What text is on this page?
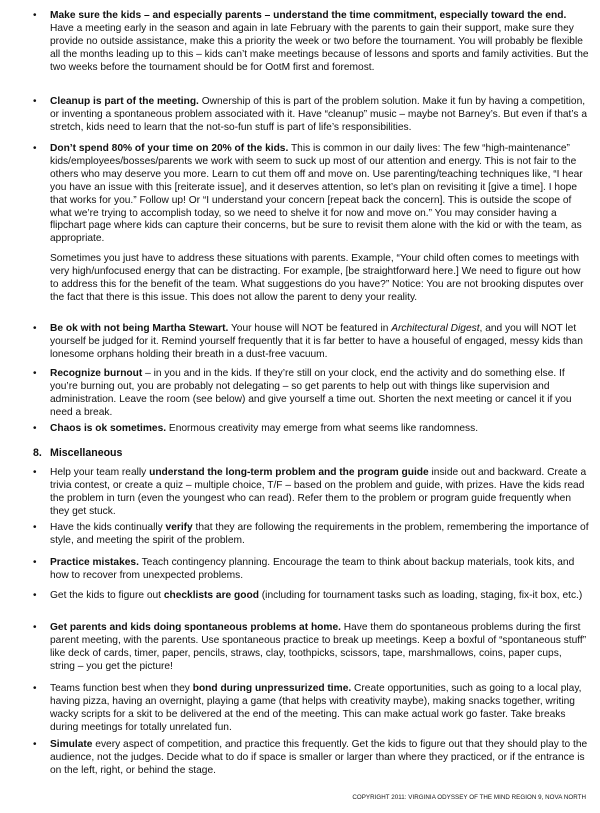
•	Make sure the kids – and especially parents – understand the time commitment, especially toward the end. Have a meeting early in the season and again in late February with the parents to gain their support, make sure they provide no outside assistance, make this a priority the week or two before the tournament. You will probably be flexible all the months leading up to this – kids can’t make meetings because of lessons and sports and family activities. But the two weeks before the tournament should be for OotM first and foremost.
•	Cleanup is part of the meeting. Ownership of this is part of the problem solution. Make it fun by having a competition, or inventing a spontaneous problem associated with it. Have “cleanup” music – maybe not Barney’s. But even if that’s a stretch, kids need to learn that the not-so-fun stuff is part of life’s responsibilities.
•	Don’t spend 80% of your time on 20% of the kids. This is common in our daily lives: The few “high-maintenance” kids/employees/bosses/parents we work with seem to suck up most of our attention and energy. This is not fair to the others who may deserve you more. Learn to cut them off and move on. Use parenting/teaching techniques like, “I hear you have an issue with this [reiterate issue], and it deserves attention, so let’s plan on revisiting it [give a time]. I hope that works for you.” Follow up! Or “I understand your concern [repeat back the concern]. This is outside the scope of what we’re trying to accomplish today, so we need to shelve it for now and move on.” You may consider having a flipchart page where kids can capture their concerns, but be sure to revisit them alone with the kid or with the team, as appropriate.
Sometimes you just have to address these situations with parents. Example, “Your child often comes to meetings with very high/unfocused energy that can be distracting. For example, [be straightforward here.] We need to figure out how to address this for the benefit of the team. What suggestions do you have?” Notice: You are not brooking disputes over the fact that there is this issue. This does not allow the parent to deny your reality.
•	Be ok with not being Martha Stewart. Your house will NOT be featured in Architectural Digest, and you will NOT let yourself be judged for it. Remind yourself frequently that it is far better to have a houseful of engaged, messy kids than lonesome orphans holding their breath in a dust-free vacuum.
•	Recognize burnout – in you and in the kids. If they’re still on your clock, end the activity and do something else. If you’re burning out, you are probably not delegating – so get parents to help out with things like supervision and administration. Leave the room (see below) and give yourself a time out. Shorten the next meeting or cancel it if you need a break.
•	Chaos is ok sometimes. Enormous creativity may emerge from what seems like randomness.
8. Miscellaneous
•	Help your team really understand the long-term problem and the program guide inside out and backward. Create a trivia contest, or create a quiz – multiple choice, T/F – based on the problem and guide, with prizes. Have the kids read the problem in turn (even the youngest who can read). Refer them to the problem or program guide frequently when they get stuck.
•	Have the kids continually verify that they are following the requirements in the problem, remembering the importance of style, and meeting the spirit of the problem.
•	Practice mistakes. Teach contingency planning. Encourage the team to think about backup materials, took kits, and how to recover from unexpected problems.
•	Get the kids to figure out checklists are good (including for tournament tasks such as loading, staging, fix-it box, etc.)
•	Get parents and kids doing spontaneous problems at home. Have them do spontaneous problems during the first parent meeting, with the parents. Use spontaneous practice to break up meetings. Keep a boxful of “spontaneous stuff” like deck of cards, timer, paper, pencils, straws, clay, toothpicks, scissors, tape, marshmallows, coins, paper cups, string – you get the picture!
•	Teams function best when they bond during unpressurized time. Create opportunities, such as going to a local play, having pizza, having an overnight, playing a game (that helps with creativity maybe), making snacks together, writing wacky scripts for a skit to be delivered at the end of the meeting. This can make actual work go faster. Take breaks during meetings for totally unrelated fun.
•	Simulate every aspect of competition, and practice this frequently. Get the kids to figure out that they should play to the audience, not the judges. Decide what to do if space is smaller or larger than where they practiced, or if the entrance is on the left, right, or behind the stage.
COPYRIGHT 2011: VIRGINIA ODYSSEY OF THE MIND REGION 9, NOVA NORTH
